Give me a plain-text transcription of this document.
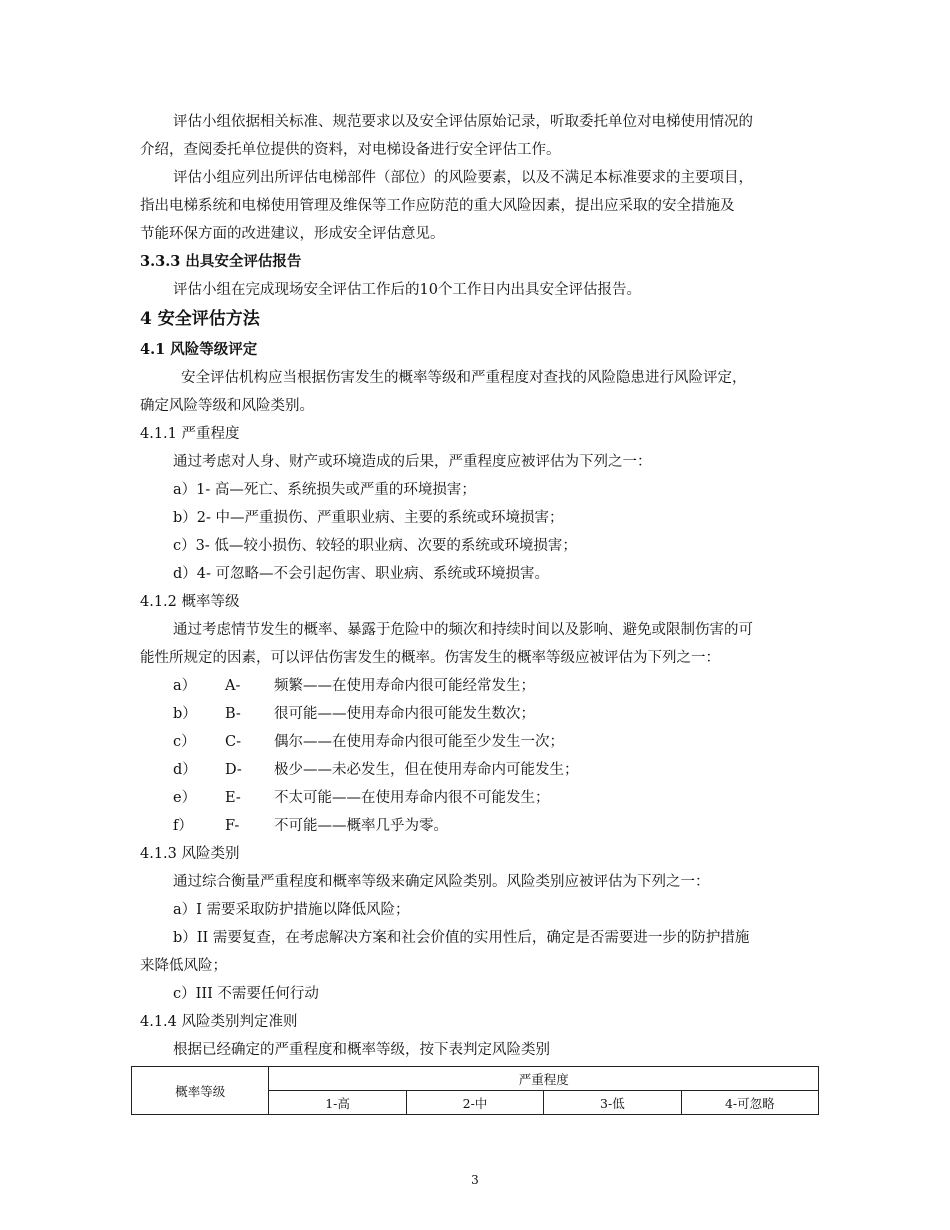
评估小组依据相关标准、规范要求以及安全评估原始记录，听取委托单位对电梯使用情况的
介绍，查阅委托单位提供的资料，对电梯设备进行安全评估工作。
评估小组应列出所评估电梯部件（部位）的风险要素，以及不满足本标准要求的主要项目，
指出电梯系统和电梯使用管理及维保等工作应防范的重大风险因素，提出应采取的安全措施及
节能环保方面的改进建议，形成安全评估意见。
3.3.3 出具安全评估报告
评估小组在完成现场安全评估工作后的10个工作日内出具安全评估报告。
4 安全评估方法
4.1 风险等级评定
安全评估机构应当根据伤害发生的概率等级和严重程度对查找的风险隐患进行风险评定，
确定风险等级和风险类别。
4.1.1 严重程度
通过考虑对人身、财产或环境造成的后果，严重程度应被评估为下列之一：
a）1- 高—死亡、系统损失或严重的环境损害；
b）2- 中—严重损伤、严重职业病、主要的系统或环境损害；
c）3- 低—较小损伤、较轻的职业病、次要的系统或环境损害；
d）4- 可忽略—不会引起伤害、职业病、系统或环境损害。
4.1.2 概率等级
通过考虑情节发生的概率、暴露于危险中的频次和持续时间以及影响、避免或限制伤害的可
能性所规定的因素，可以评估伤害发生的概率。伤害发生的概率等级应被评估为下列之一：
a） A- 频繁——在使用寿命内很可能经常发生；
b） B- 很可能——使用寿命内很可能发生数次；
c） C- 偶尔——在使用寿命内很可能至少发生一次；
d） D- 极少——未必发生，但在使用寿命内可能发生；
e） E- 不太可能——在使用寿命内很不可能发生；
f） F- 不可能——概率几乎为零。
4.1.3 风险类别
通过综合衡量严重程度和概率等级来确定风险类别。风险类别应被评估为下列之一：
a）I 需要采取防护措施以降低风险；
b）II 需要复查，在考虑解决方案和社会价值的实用性后，确定是否需要进一步的防护措施
来降低风险；
c）III 不需要任何行动
4.1.4 风险类别判定准则
根据已经确定的严重程度和概率等级，按下表判定风险类别
概率等级	严重程度			
	1-高	2-中	3-低	4-可忽略
3
